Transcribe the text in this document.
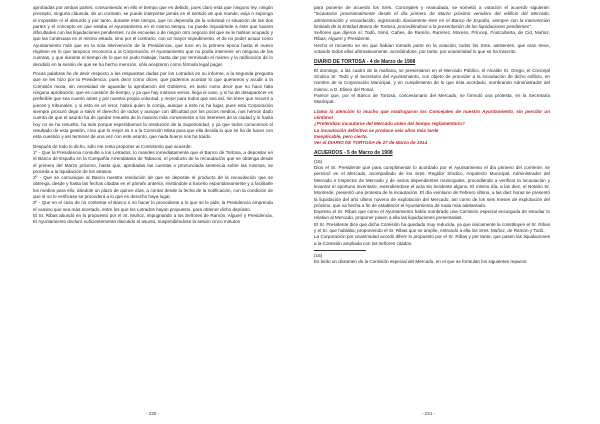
aprobadas por ambas partes, consumiendo en ello el tiempo que es debido, pues claro está que ninguno ley, ningún precepto, ninguna cláusula, de un contrato, se puede interpretar jamás en el sentido de que mande, exija o suponga el imposible ni el absurdo y por tanto, durante este tiempo, que no dependía de la voluntad ni situación de las dos partes y el concepto en que estaba el Ayuntamiento en el mismo tiempo, no puede imputársele a éste que tuviera dificultades con las liquidaciones pendientes, ni de escuelas o de ningún otro negocio del que se le habían ocupado y que las continuara en el mismo estado, sino por el contrario, con un mayor impedimento, el de no poder actuar como Ayuntamiento más que en la sola intervención de la Presidencia, que tuvo en la primera época hasta el nuevo régimen en lo que tampoco reconocía a la Corporación, el Ayuntamiento que no podía intervenir en ninguna de las cuentas, y que durante el tiempo de lo que se pudo trabajar, hasta dar por terminado el mismo y la ratificación de lo decidido en la sesión de que se ha hecho mención, sólo aceptaron como fórmula legal pagar.

Pocas palabras he de decir respecto a las respuestas dadas por los Letrados en su informe, a la segunda pregunta que se les hizo por la Presidencia, pues decir como dicen, que podemos acordar lo que queramos y acudir a la Comisión mixta, sin necesidad de aguardar la aprobación del Gobierno, es tanto como decir que no hace falta ninguna aprobación, que es cuestión de tiempo, y ya que hay motivos serios, llega el caso, y si ha de desaparecer es preferible que sea cuanto antes y por nuestra propia voluntad, y mejor para todos que sea así, sin tener que recurrir a jueces y tribunales, y si esto es un error, habrá quien lo corrija, aunque a esto no ha lugar, pues esta Corporación siempre procuró dejar a salvo el derecho de todos y aunque con dificultad por los pocos medios, nos hemos dado cuenta de que el asunto ha de quedar resuelto de la manera más conveniente a los intereses de la ciudad y si hasta hoy no se ha resuelto, ha sido porque esperábamos la resolución de la Superioridad, y ya que todos conocemos el resultado de esta gestión, creo que lo mejor es ir a la Comisión Mixta para que ella decida lo que se ha de hacer con esta cuestión y así terminar de una vez con este asunto, que nada bueno nos ha traído.

Después de todo lo dicho, sólo me resta proponer al Consistorio que acuerde:

1º - Que la Presidencia consulte a los Letrados, lo mandes inmediatamente que el Banco de Tortosa, a depositar en el Banco de España en la Compañía Arrendataria de Tabacos, el producto de la recaudación que se obtenga desde el primero del Marzo próximo, hasta que, aprobadas las cuentas o pronunciada sentencia sobre las mismas, se proceda a la liquidación de los atrasos.

2º - Que se comunique al Banco nuestra resolución de que se deposite el producto de la recaudación que se obtenga, desde y hasta las fechas citadas en el párrafo anterior, invitándole a hacerlo espontáneamente y a facilitarle los medios para ello, dándole un plazo de quince días, a contar desde la fecha de la notificación, con la condición de que si no lo verificase se procederá a lo que en derecho haya lugar.

3º - Que en el caso de no contestar el Banco o no hacer lo procedente a lo que se le pide, la Presidencia emprenda el camino que sea más acertado, entre los que los Letrados hayan propuesto, para obtener dicho depósito.

El Sr. Ribas abundó en lo propuesto por el Sr. Muñoz, impugnando a los Señores de Ramón, Alguerí y Presidencia. El Ayuntamiento declaró suficientemente discutido el asunto, suspendiéndose la sesión cinco minutos

- 220 -

para ponerse de acuerdo los Sres. Concejales y reanudada, se sometió a votación el acuerdo siguiente: "Incautarse provisionalmente desde el día primero de Marzo próximo venidero del edificio del Mercado, administración y recaudación, ingresando diariamente éste en el Banco de España, siempre con la intervención limitada de la Entidad Banco de Tortosa, procediéndose a la presentación de las liquidaciones pendientes".

Señores que dijeron sí: Todó, Simó, Cañes, de Ramón, Ramírez, Moreso, Príncep, Fontcuberta, de Cid, Muñoz, Ribas, Alguerí y Presidente.

Hecho el recuento se vio que habían tomado parte en la votación, todos los Sres. asistentes, que eran trece, votando todos ellos afirmativamente, acordándose, por tanto, por unanimidad lo que se ha trascrito.

DIARIO DE TORTOSA - 4 de Marzo de 1908

El domingo, a las cuatro de la mañana, se presentaron en el Mercado Público, el Alcalde Sr. Grego, el Concejal Síndico Sr. Todó y el Secretario del Ayuntamiento, con objeto de proceder a la incautación de dicho edificio, en nombre de la Corporación Municipal, y en cumplimiento de lo que ésta acordado, nombrando Administrador del mismo, a D. Eliseo del Rosal.

Parece que, por el Banco de Tortosa, concesionario del Mercado, se formuló una protesta, en la Secretaría Municipal.

Llama la atención lo mucho que madrugaron los Concejales de nuestro Ayuntamiento, sin percibir un céntimo!

¿Pretendían incautarse del Mercado antes del tiempo reglamentario?

La incautación definitiva se produce seis años más tarde

Inexplicable, pero cierto.

Ver el DIARIO DE TORTOSA de 27 de Marzo de 1914

ACUERDOS - 5 de Marzo de 1908

(15)

Dios el Sr. Presidente que para cumplimentar lo acordado por el Ayuntamiento el día primero del corriente, se personó en el Mercado, acompañado de los Sres. Regidor Síndico, Arquitecto Municipal, Administrador del Mercado e Inspector de Mercado y de varios dependientes municipales, procediendo a verificar la incautación y levantar el oportuno inventario, extendiéndose el acta sin incidente alguno. El mismo día, a las diez, el Notario Sr. Monterde, presentó una protesta de la incautación. El día veintiuno de Febrero último, a las diez horas se presentó la liquidación del año último noveno de explotación del Mercado, así como de los seis meses de explotación del próximo, que va hecha a fin de establecer el Ayuntamiento de nada más adelantado.

Expresa el Sr. Ribas que como el Ayuntamiento había nombrado una Comisión especial encargada de estudiar lo relativo al Mercado, proponer pasen a ella las liquidaciones presentadas.

El Sr. Presidente dice que dicha Comisión ha quedado muy reducida, ya que únicamente la constituyen el Sr. Ribas y el Sr. que hablaba; proponiendo el Sr. Ribas que se amplíe, entrando a ella los Sres. Muñoz, de Ramón y Todó.

La Corporación por unanimidad acordó diferir lo propuesto por el Sr. Ribas y por tanto, que pasen las liquidaciones a la Comisión ampliada con los señores citados.

(16)

Es leído un dictamen de la Comisión especial del Mercado, en el que se formulan los siguientes reparos:

- 221 -
